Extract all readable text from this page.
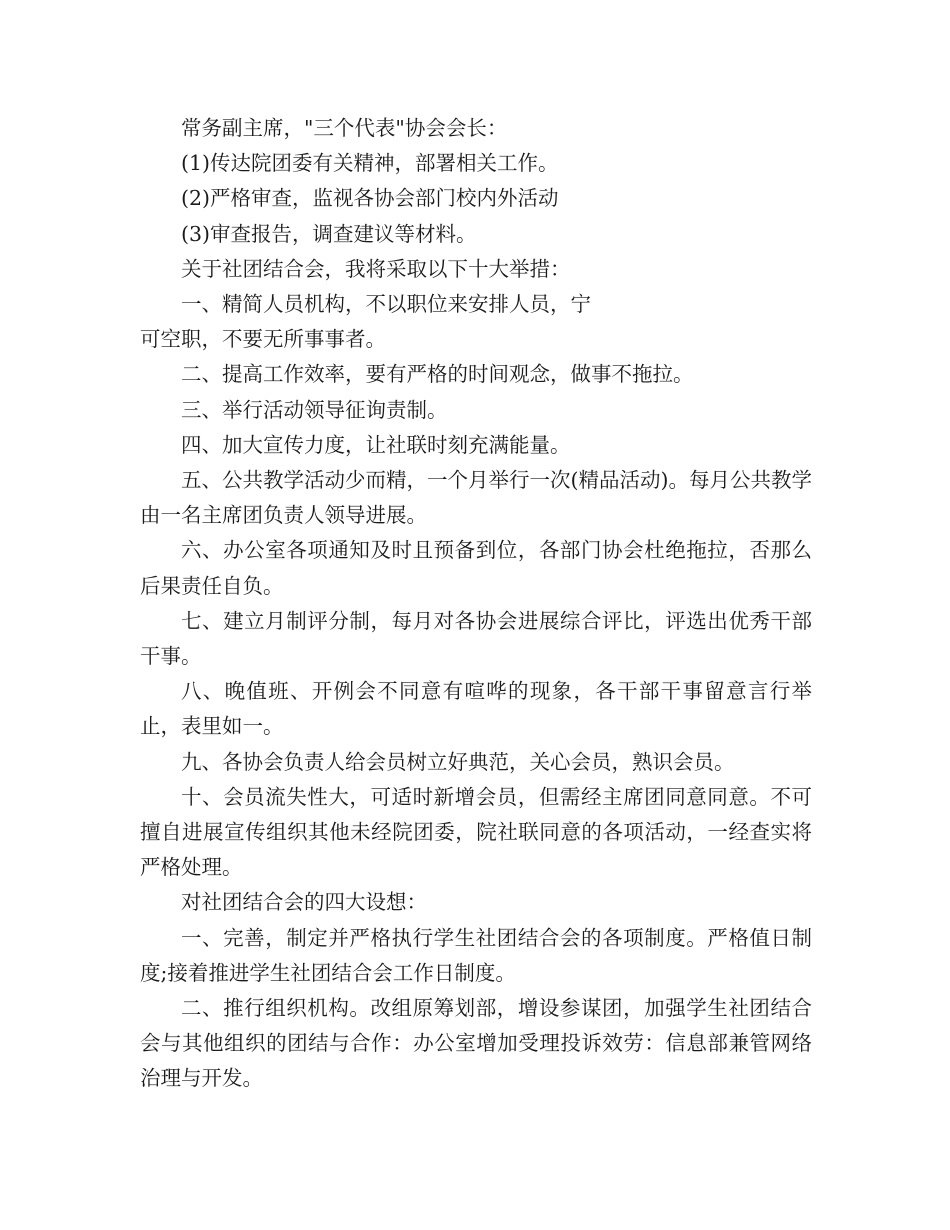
常务副主席，"三个代表"协会会长：

(1)传达院团委有关精神，部署相关工作。

(2)严格审查，监视各协会部门校内外活动

(3)审查报告，调查建议等材料。

关于社团结合会，我将采取以下十大举措：

一、精简人员机构，不以职位来安排人员，宁

可空职，不要无所事事者。

二、提高工作效率，要有严格的时间观念，做事不拖拉。

三、举行活动领导征询责制。

四、加大宣传力度，让社联时刻充满能量。

五、公共教学活动少而精，一个月举行一次(精品活动)。每月公共教学由一名主席团负责人领导进展。

六、办公室各项通知及时且预备到位，各部门协会杜绝拖拉，否那么后果责任自负。

七、建立月制评分制，每月对各协会进展综合评比，评选出优秀干部干事。

八、晚值班、开例会不同意有喧哗的现象，各干部干事留意言行举止，表里如一。

九、各协会负责人给会员树立好典范，关心会员，熟识会员。

十、会员流失性大，可适时新增会员，但需经主席团同意同意。不可擅自进展宣传组织其他未经院团委，院社联同意的各项活动，一经查实将严格处理。

对社团结合会的四大设想：

一、完善，制定并严格执行学生社团结合会的各项制度。严格值日制度;接着推进学生社团结合会工作日制度。

二、推行组织机构。改组原筹划部，增设参谋团，加强学生社团结合会与其他组织的团结与合作：办公室增加受理投诉效劳：信息部兼管网络治理与开发。
